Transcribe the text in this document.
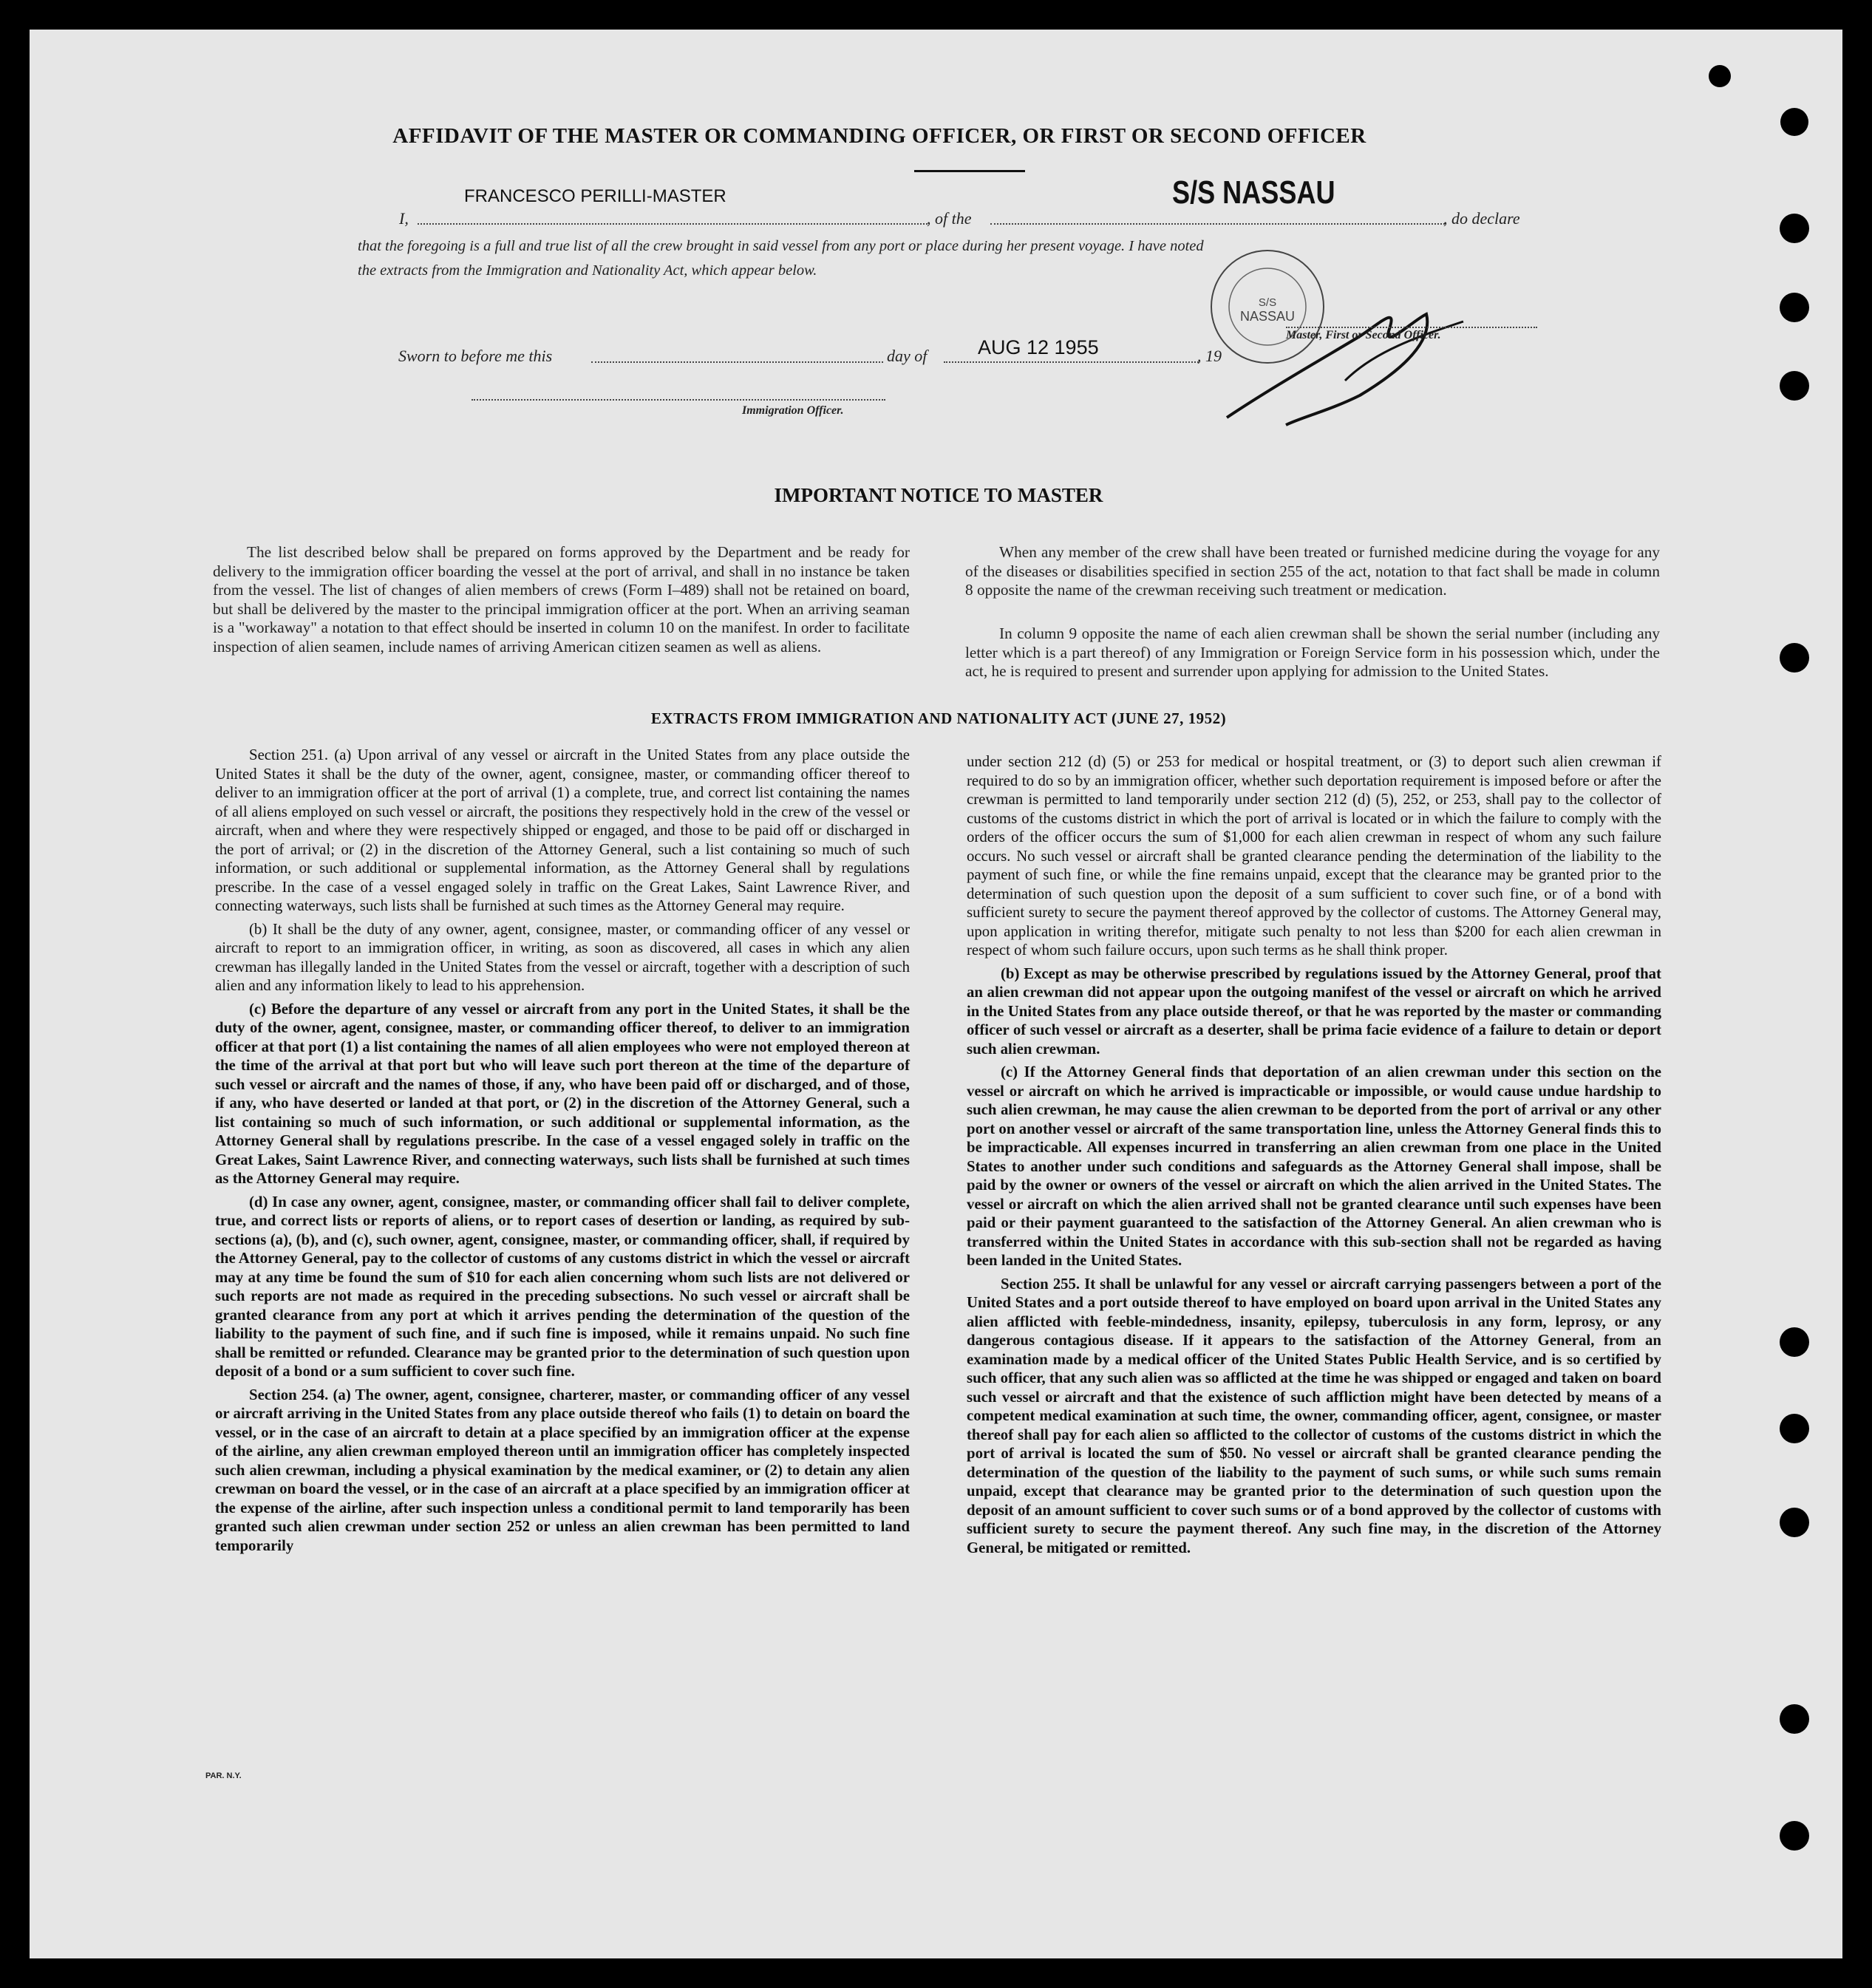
AFFIDAVIT OF THE MASTER OR COMMANDING OFFICER, OR FIRST OR SECOND OFFICER
I,
FRANCESCO PERILLI-MASTER
, of the
S/S NASSAU
, do declare
that the foregoing is a full and true list of all the crew brought in said vessel from any port or place during her present voyage. I have noted
the extracts from the Immigration and Nationality Act, which appear below.
S/S
NASSAU
Sworn to before me this	day of	AUG 12 1955	, 19
Master, First or Second Officer.
Immigration Officer.
IMPORTANT NOTICE TO MASTER

The list described below shall be prepared on forms approved by the Department and be ready for delivery to the immigration officer boarding the vessel at the port of arrival, and shall in no instance be taken from the vessel. The list of changes of alien members of crews (Form I–489) shall not be retained on board, but shall be delivered by the master to the principal immigration officer at the port. When an arriving seaman is a "workaway" a notation to that effect should be inserted in column 10 on the manifest. In order to facilitate inspection of alien seamen, include names of arriving American citizen seamen as well as aliens.

When any member of the crew shall have been treated or furnished medicine during the voyage for any of the diseases or disabilities specified in section 255 of the act, notation to that fact shall be made in column 8 opposite the name of the crewman receiving such treatment or medication.

In column 9 opposite the name of each alien crewman shall be shown the serial number (including any letter which is a part thereof) of any Immigration or Foreign Service form in his possession which, under the act, he is required to present and surrender upon applying for admission to the United States.

EXTRACTS FROM IMMIGRATION AND NATIONALITY ACT (JUNE 27, 1952)

Section 251. (a) Upon arrival of any vessel or aircraft in the United States from any place outside the United States it shall be the duty of the owner, agent, consignee, master, or commanding officer thereof to deliver to an immigration officer at the port of arrival (1) a complete, true, and correct list containing the names of all aliens employed on such vessel or aircraft, the positions they respectively hold in the crew of the vessel or aircraft, when and where they were respectively shipped or engaged, and those to be paid off or discharged in the port of arrival; or (2) in the discretion of the Attorney General, such a list containing so much of such information, or such additional or supplemental information, as the Attorney General shall by regulations prescribe. In the case of a vessel engaged solely in traffic on the Great Lakes, Saint Lawrence River, and connecting waterways, such lists shall be furnished at such times as the Attorney General may require.

(b) It shall be the duty of any owner, agent, consignee, master, or commanding officer of any vessel or aircraft to report to an immigration officer, in writing, as soon as discovered, all cases in which any alien crewman has illegally landed in the United States from the vessel or aircraft, together with a description of such alien and any information likely to lead to his apprehension.

(c) Before the departure of any vessel or aircraft from any port in the United States, it shall be the duty of the owner, agent, consignee, master, or commanding officer thereof, to deliver to an immigration officer at that port (1) a list containing the names of all alien employees who were not employed thereon at the time of the arrival at that port but who will leave such port thereon at the time of the departure of such vessel or aircraft and the names of those, if any, who have been paid off or discharged, and of those, if any, who have deserted or landed at that port, or (2) in the discretion of the Attorney General, such a list containing so much of such information, or such additional or supplemental information, as the Attorney General shall by regulations prescribe. In the case of a vessel engaged solely in traffic on the Great Lakes, Saint Lawrence River, and connecting waterways, such lists shall be furnished at such times as the Attorney General may require.

(d) In case any owner, agent, consignee, master, or commanding officer shall fail to deliver complete, true, and correct lists or reports of aliens, or to report cases of desertion or landing, as required by sub-sections (a), (b), and (c), such owner, agent, consignee, master, or commanding officer, shall, if required by the Attorney General, pay to the collector of customs of any customs district in which the vessel or aircraft may at any time be found the sum of $10 for each alien concerning whom such lists are not delivered or such reports are not made as required in the preceding subsections. No such vessel or aircraft shall be granted clearance from any port at which it arrives pending the determination of the question of the liability to the payment of such fine, and if such fine is imposed, while it remains unpaid. No such fine shall be remitted or refunded. Clearance may be granted prior to the determination of such question upon deposit of a bond or a sum sufficient to cover such fine.

Section 254. (a) The owner, agent, consignee, charterer, master, or commanding officer of any vessel or aircraft arriving in the United States from any place outside thereof who fails (1) to detain on board the vessel, or in the case of an aircraft to detain at a place specified by an immigration officer at the expense of the airline, any alien crewman employed thereon until an immigration officer has completely inspected such alien crewman, including a physical examination by the medical examiner, or (2) to detain any alien crewman on board the vessel, or in the case of an aircraft at a place specified by an immigration officer at the expense of the airline, after such inspection unless a conditional permit to land temporarily has been granted such alien crewman under section 252 or unless an alien crewman has been permitted to land temporarily

under section 212 (d) (5) or 253 for medical or hospital treatment, or (3) to deport such alien crewman if required to do so by an immigration officer, whether such deportation requirement is imposed before or after the crewman is permitted to land temporarily under section 212 (d) (5), 252, or 253, shall pay to the collector of customs of the customs district in which the port of arrival is located or in which the failure to comply with the orders of the officer occurs the sum of $1,000 for each alien crewman in respect of whom any such failure occurs. No such vessel or aircraft shall be granted clearance pending the determination of the liability to the payment of such fine, or while the fine remains unpaid, except that the clearance may be granted prior to the determination of such question upon the deposit of a sum sufficient to cover such fine, or of a bond with sufficient surety to secure the payment thereof approved by the collector of customs. The Attorney General may, upon application in writing therefor, mitigate such penalty to not less than $200 for each alien crewman in respect of whom such failure occurs, upon such terms as he shall think proper.

(b) Except as may be otherwise prescribed by regulations issued by the Attorney General, proof that an alien crewman did not appear upon the outgoing manifest of the vessel or aircraft on which he arrived in the United States from any place outside thereof, or that he was reported by the master or commanding officer of such vessel or aircraft as a deserter, shall be prima facie evidence of a failure to detain or deport such alien crewman.

(c) If the Attorney General finds that deportation of an alien crewman under this section on the vessel or aircraft on which he arrived is impracticable or impossible, or would cause undue hardship to such alien crewman, he may cause the alien crewman to be deported from the port of arrival or any other port on another vessel or aircraft of the same transportation line, unless the Attorney General finds this to be impracticable. All expenses incurred in transferring an alien crewman from one place in the United States to another under such conditions and safeguards as the Attorney General shall impose, shall be paid by the owner or owners of the vessel or aircraft on which the alien arrived in the United States. The vessel or aircraft on which the alien arrived shall not be granted clearance until such expenses have been paid or their payment guaranteed to the satisfaction of the Attorney General. An alien crewman who is transferred within the United States in accordance with this sub-section shall not be regarded as having been landed in the United States.

Section 255. It shall be unlawful for any vessel or aircraft carrying passengers between a port of the United States and a port outside thereof to have employed on board upon arrival in the United States any alien afflicted with feeble-mindedness, insanity, epilepsy, tuberculosis in any form, leprosy, or any dangerous contagious disease. If it appears to the satisfaction of the Attorney General, from an examination made by a medical officer of the United States Public Health Service, and is so certified by such officer, that any such alien was so afflicted at the time he was shipped or engaged and taken on board such vessel or aircraft and that the existence of such affliction might have been detected by means of a competent medical examination at such time, the owner, commanding officer, agent, consignee, or master thereof shall pay for each alien so afflicted to the collector of customs of the customs district in which the port of arrival is located the sum of $50. No vessel or aircraft shall be granted clearance pending the determination of the question of the liability to the payment of such sums, or while such sums remain unpaid, except that clearance may be granted prior to the determination of such question upon the deposit of an amount sufficient to cover such sums or of a bond approved by the collector of customs with sufficient surety to secure the payment thereof. Any such fine may, in the discretion of the Attorney General, be mitigated or remitted.

PAR. N.Y.
